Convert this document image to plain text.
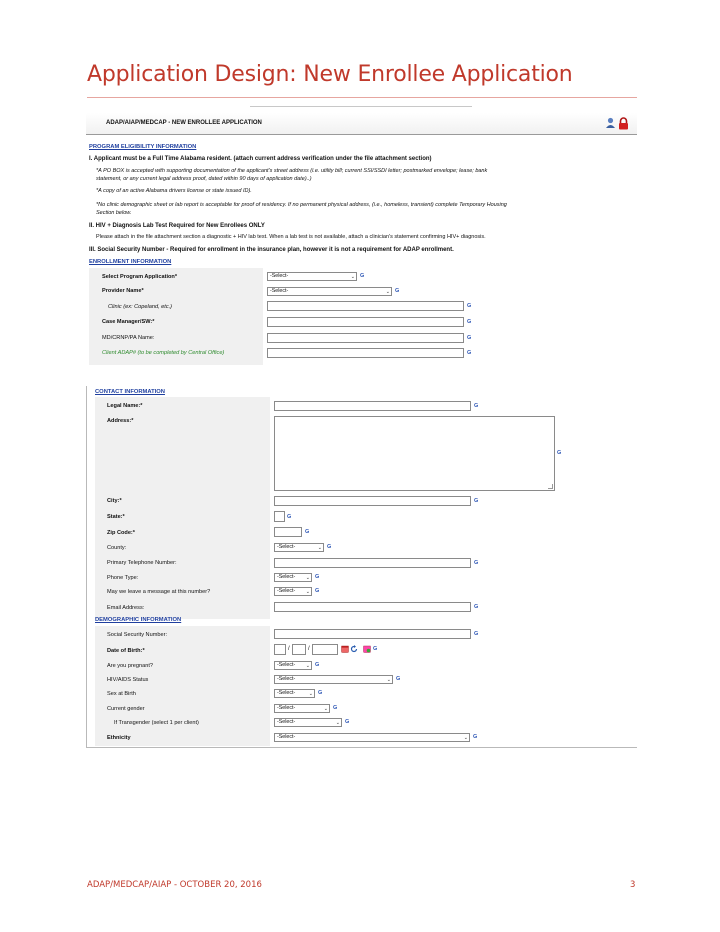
Application Design: New Enrollee Application
ADAP/AIAP/MEDCAP - NEW ENROLLEE APPLICATION
PROGRAM ELIGIBILITY INFORMATION
I. Applicant must be a Full Time Alabama resident. (attach current address verification under the file attachment section)
*A PO BOX is accepted with supporting documentation of the applicant's street address (i.e. utility bill; current SSI/SSDI letter; postmarked envelope; lease; bank
statement, or any current legal address proof, dated within 90 days of application date)..)
*A copy of an active Alabama drivers license or state issued ID).
*No clinic demographic sheet or lab report is acceptable for proof of residency. If no permanent physical address, (i.e., homeless, transient) complete Temporary Housing
Section below.
II. HIV + Diagnosis Lab Test Required for New Enrollees ONLY
Please attach in the file attachment section a diagnostic + HIV lab test. When a lab test is not available, attach a clinician's statement confirming HIV+ diagnosis.
III. Social Security Number - Required for enrollment in the insurance plan, however it is not a requirement for ADAP enrollment.
ENROLLMENT INFORMATION
Select Program Application*	-Select-	⌄ G
Provider Name*	-Select-	⌄ G
Clinic (ex: Copeland, etc.)	G
Case Manager/SW:*	G
MD/CRNP/PA Name:	G
Client ADAP# (to be completed by Central Office)	G
CONTACT INFORMATION
Legal Name:*	G
Address:*
G
City:*	G
State:*	G
Zip Code:*	G
County:	-Select-	⌄ G
Primary Telephone Number:	G
Phone Type:	-Select- ⌄ G
May we leave a message at this number?	-Select- ⌄ G
Email Address:	G
DEMOGRAPHIC INFORMATION
Social Security Number:	G
Date of Birth:*	/	/	G
Are you pregnant?	-Select- ⌄ G
HIV/AIDS Status	-Select-	⌄ G
Sex at Birth	-Select-	⌄ G
Current gender	-Select-	⌄ G
If Transgender (select 1 per client)	-Select-	⌄ G
Ethnicity	-Select-	⌄ G
ADAP/MEDCAP/AIAP - OCTOBER 20, 2016	3
